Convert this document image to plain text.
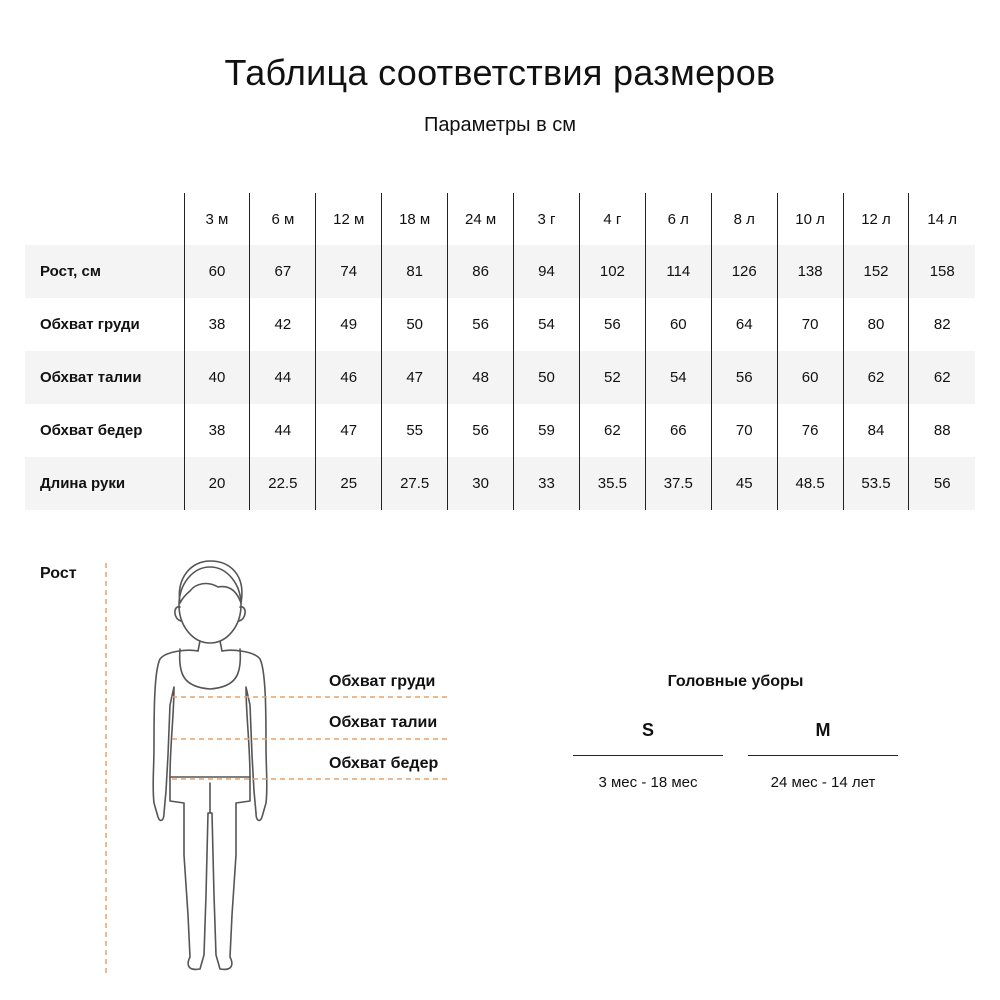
Таблица соответствия размеров
Параметры в см
	3 м	6 м	12 м	18 м	24 м	3 г	4 г	6 л	8 л	10 л	12 л	14 л
Рост, см	60	67	74	81	86	94	102	114	126	138	152	158
Обхват груди	38	42	49	50	56	54	56	60	64	70	80	82
Обхват талии	40	44	46	47	48	50	52	54	56	60	62	62
Обхват бедер	38	44	47	55	56	59	62	66	70	76	84	88
Длина руки	20	22.5	25	27.5	30	33	35.5	37.5	45	48.5	53.5	56
Рост
Обхват груди
Обхват талии
Обхват бедер
Головные уборы
S
3 мес - 18 мес
M
24 мес - 14 лет
